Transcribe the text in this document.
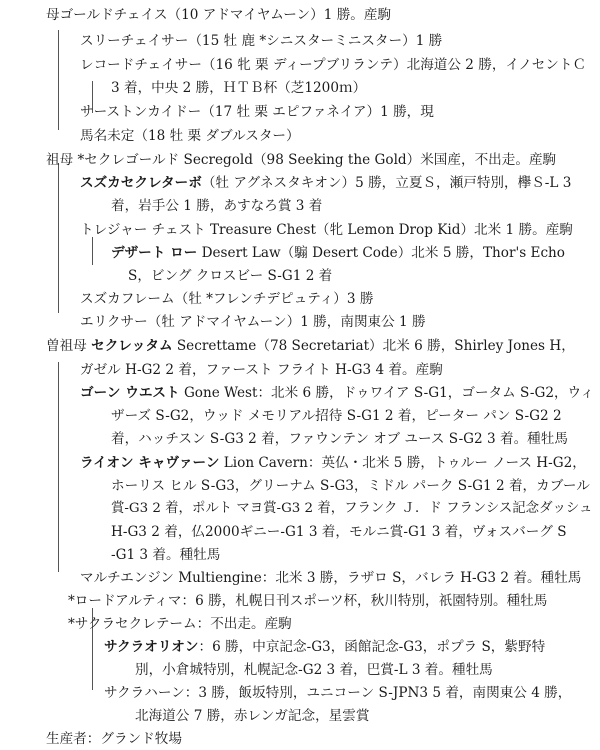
母ゴールドチェイス（10 アドマイヤムーン）1 勝。産駒
スリーチェイサー（15 牡 鹿 *シニスターミニスター）1 勝
レコードチェイサー（16 牝 栗 ディープブリランテ）北海道公 2 勝，イノセントＣ
3 着，中央 2 勝，ＨＴＢ杯（芝1200ｍ）
サーストンカイドー（17 牡 栗 エピファネイア）1 勝，現
馬名未定（18 牡 栗 ダブルスター）
祖母 *セクレゴールド Secregold（98 Seeking the Gold）米国産，不出走。産駒
スズカセクレターボ（牡 アグネスタキオン）5 勝，立夏Ｓ，瀬戸特別，欅Ｓ-L 3
着，岩手公 1 勝，あすなろ賞 3 着
トレジャー チェスト Treasure Chest（牝 Lemon Drop Kid）北米 1 勝。産駒
デザート ロー Desert Law（騸 Desert Code）北米 5 勝，Thor's Echo
S，ビング クロスビー S-G1 2 着
スズカフレーム（牡 *フレンチデピュティ）3 勝
エリクサー（牡 アドマイヤムーン）1 勝，南関東公 1 勝
曽祖母 セクレッタム Secrettame（78 Secretariat）北米 6 勝，Shirley Jones H，
ガゼル H-G2 2 着，ファースト フライト H-G3 4 着。産駒
ゴーン ウエスト Gone West：北米 6 勝，ドゥワイア S-G1，ゴータム S-G2，ウィ
ザーズ S-G2，ウッド メモリアル招待 S-G1 2 着，ピーター パン S-G2 2
着，ハッチスン S-G3 2 着，ファウンテン オブ ユース S-G2 3 着。種牡馬
ライオン キャヴァーン Lion Cavern：英仏・北米 5 勝，トゥルー ノース H-G2，
ホーリス ヒル S-G3，グリーナム S-G3，ミドル パーク S-G1 2 着，カブール
賞-G3 2 着，ポルト マヨ賞-G3 2 着，フランク Ｊ．ド フランシス記念ダッシュ
H-G3 2 着，仏2000ギニー-G1 3 着，モルニ賞-G1 3 着，ヴォスバーグ S
-G1 3 着。種牡馬
マルチエンジン Multiengine：北米 3 勝，ラザロ S，バレラ H-G3 2 着。種牡馬
*ロードアルティマ：6 勝，札幌日刊スポーツ杯，秋川特別，祇園特別。種牡馬
*サクラセクレテーム：不出走。産駒
サクラオリオン：6 勝，中京記念-G3，函館記念-G3，ポプラ S，紫野特
別，小倉城特別，札幌記念-G2 3 着，巴賞-L 3 着。種牡馬
サクラハーン：3 勝，飯坂特別，ユニコーン S-JPN3 5 着，南関東公 4 勝，
北海道公 7 勝，赤レンガ記念，星雲賞
生産者：グランド牧場
